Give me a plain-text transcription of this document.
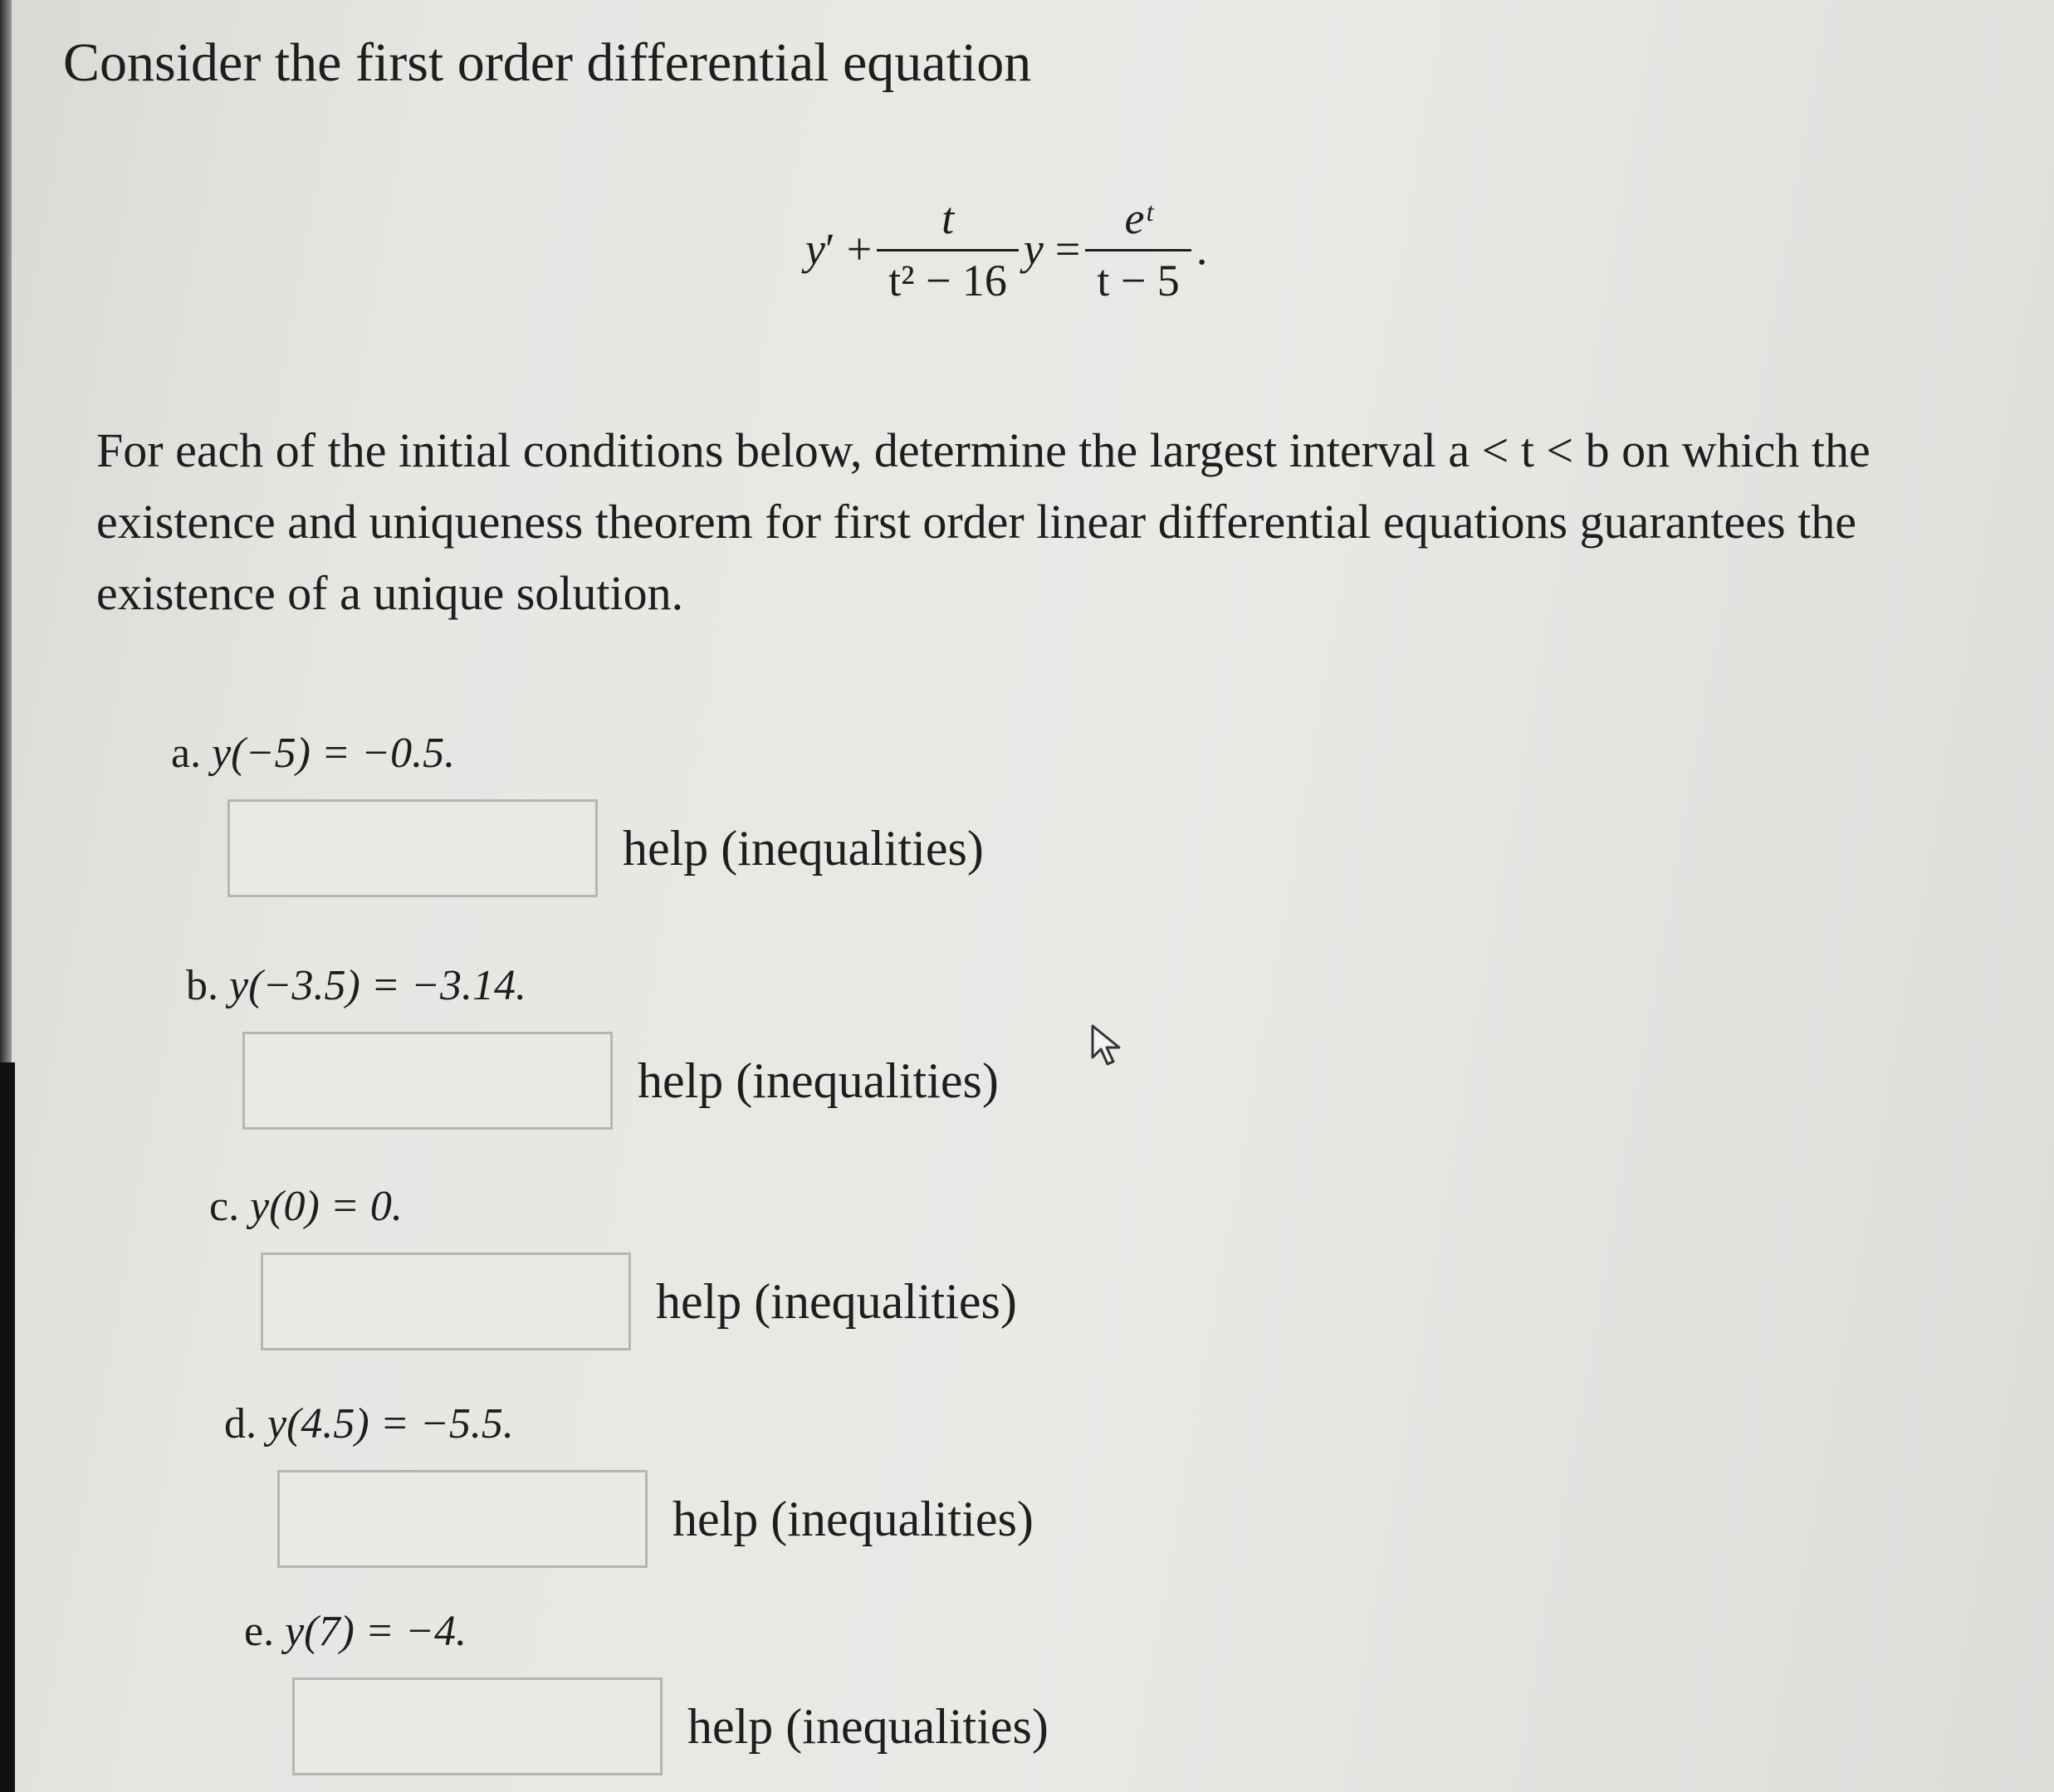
Consider the first order differential equation

y ′ + $\frac{t}{\text{t² − 16}}$ $y = \frac{\text{eᵗ}}{t - 5}$ .

For each of the initial conditions below, determine the largest interval a < t < b on which the existence and uniqueness theorem for first order linear differential equations guarantees the existence of a unique solution.

a. y(−5) = −0.5.

help (inequalities)

b. y(−3.5) = −3.14.

help (inequalities)

c. y(0) = 0.

help (inequalities)

d. y(4.5) = −5.5.

help (inequalities)

e. y(7) = −4.

help (inequalities)
